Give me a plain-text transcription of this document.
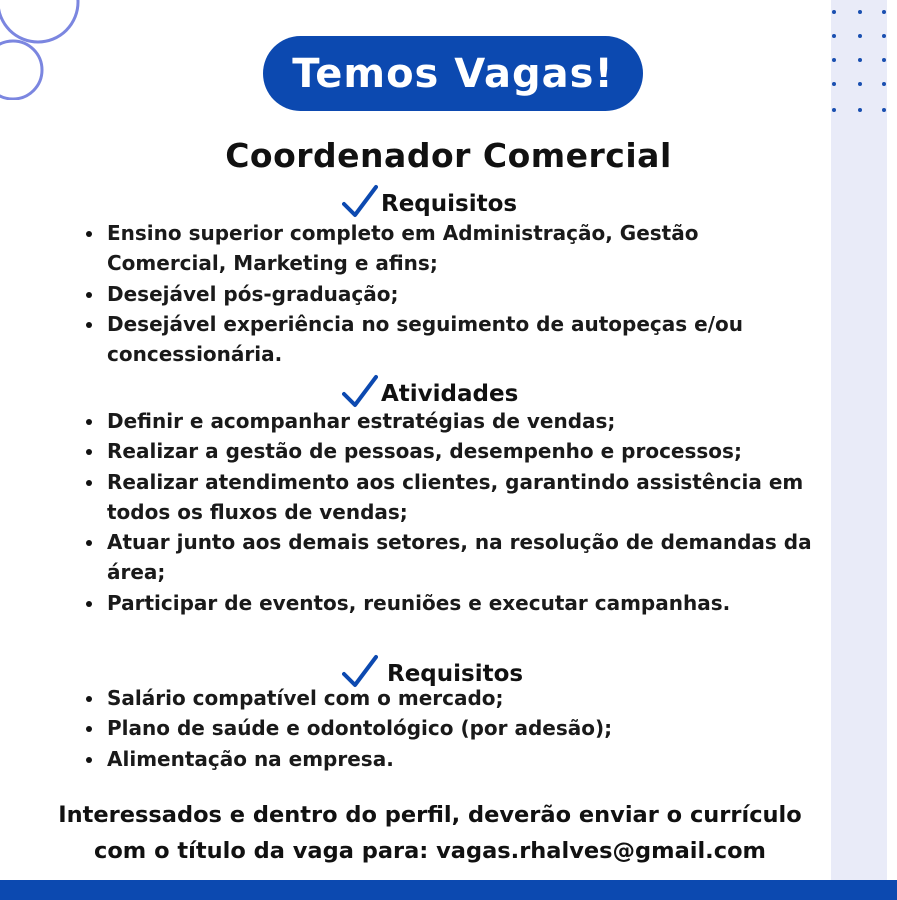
Temos Vagas!
Coordenador Comercial
Requisitos
Ensino superior completo em Administração, Gestão Comercial, Marketing e afins;
Desejável pós-graduação;
Desejável experiência no seguimento de autopeças e/ou concessionária.
Atividades
Definir e acompanhar estratégias de vendas;
Realizar a gestão de pessoas, desempenho e processos;
Realizar atendimento aos clientes, garantindo assistência em todos os fluxos de vendas;
Atuar junto aos demais setores, na resolução de demandas da área;
Participar de eventos, reuniões e executar campanhas.
Requisitos
Salário compatível com o mercado;
Plano de saúde e odontológico (por adesão);
Alimentação na empresa.
Interessados e dentro do perfil, deverão enviar o currículo
com o título da vaga para: vagas.rhalves@gmail.com
